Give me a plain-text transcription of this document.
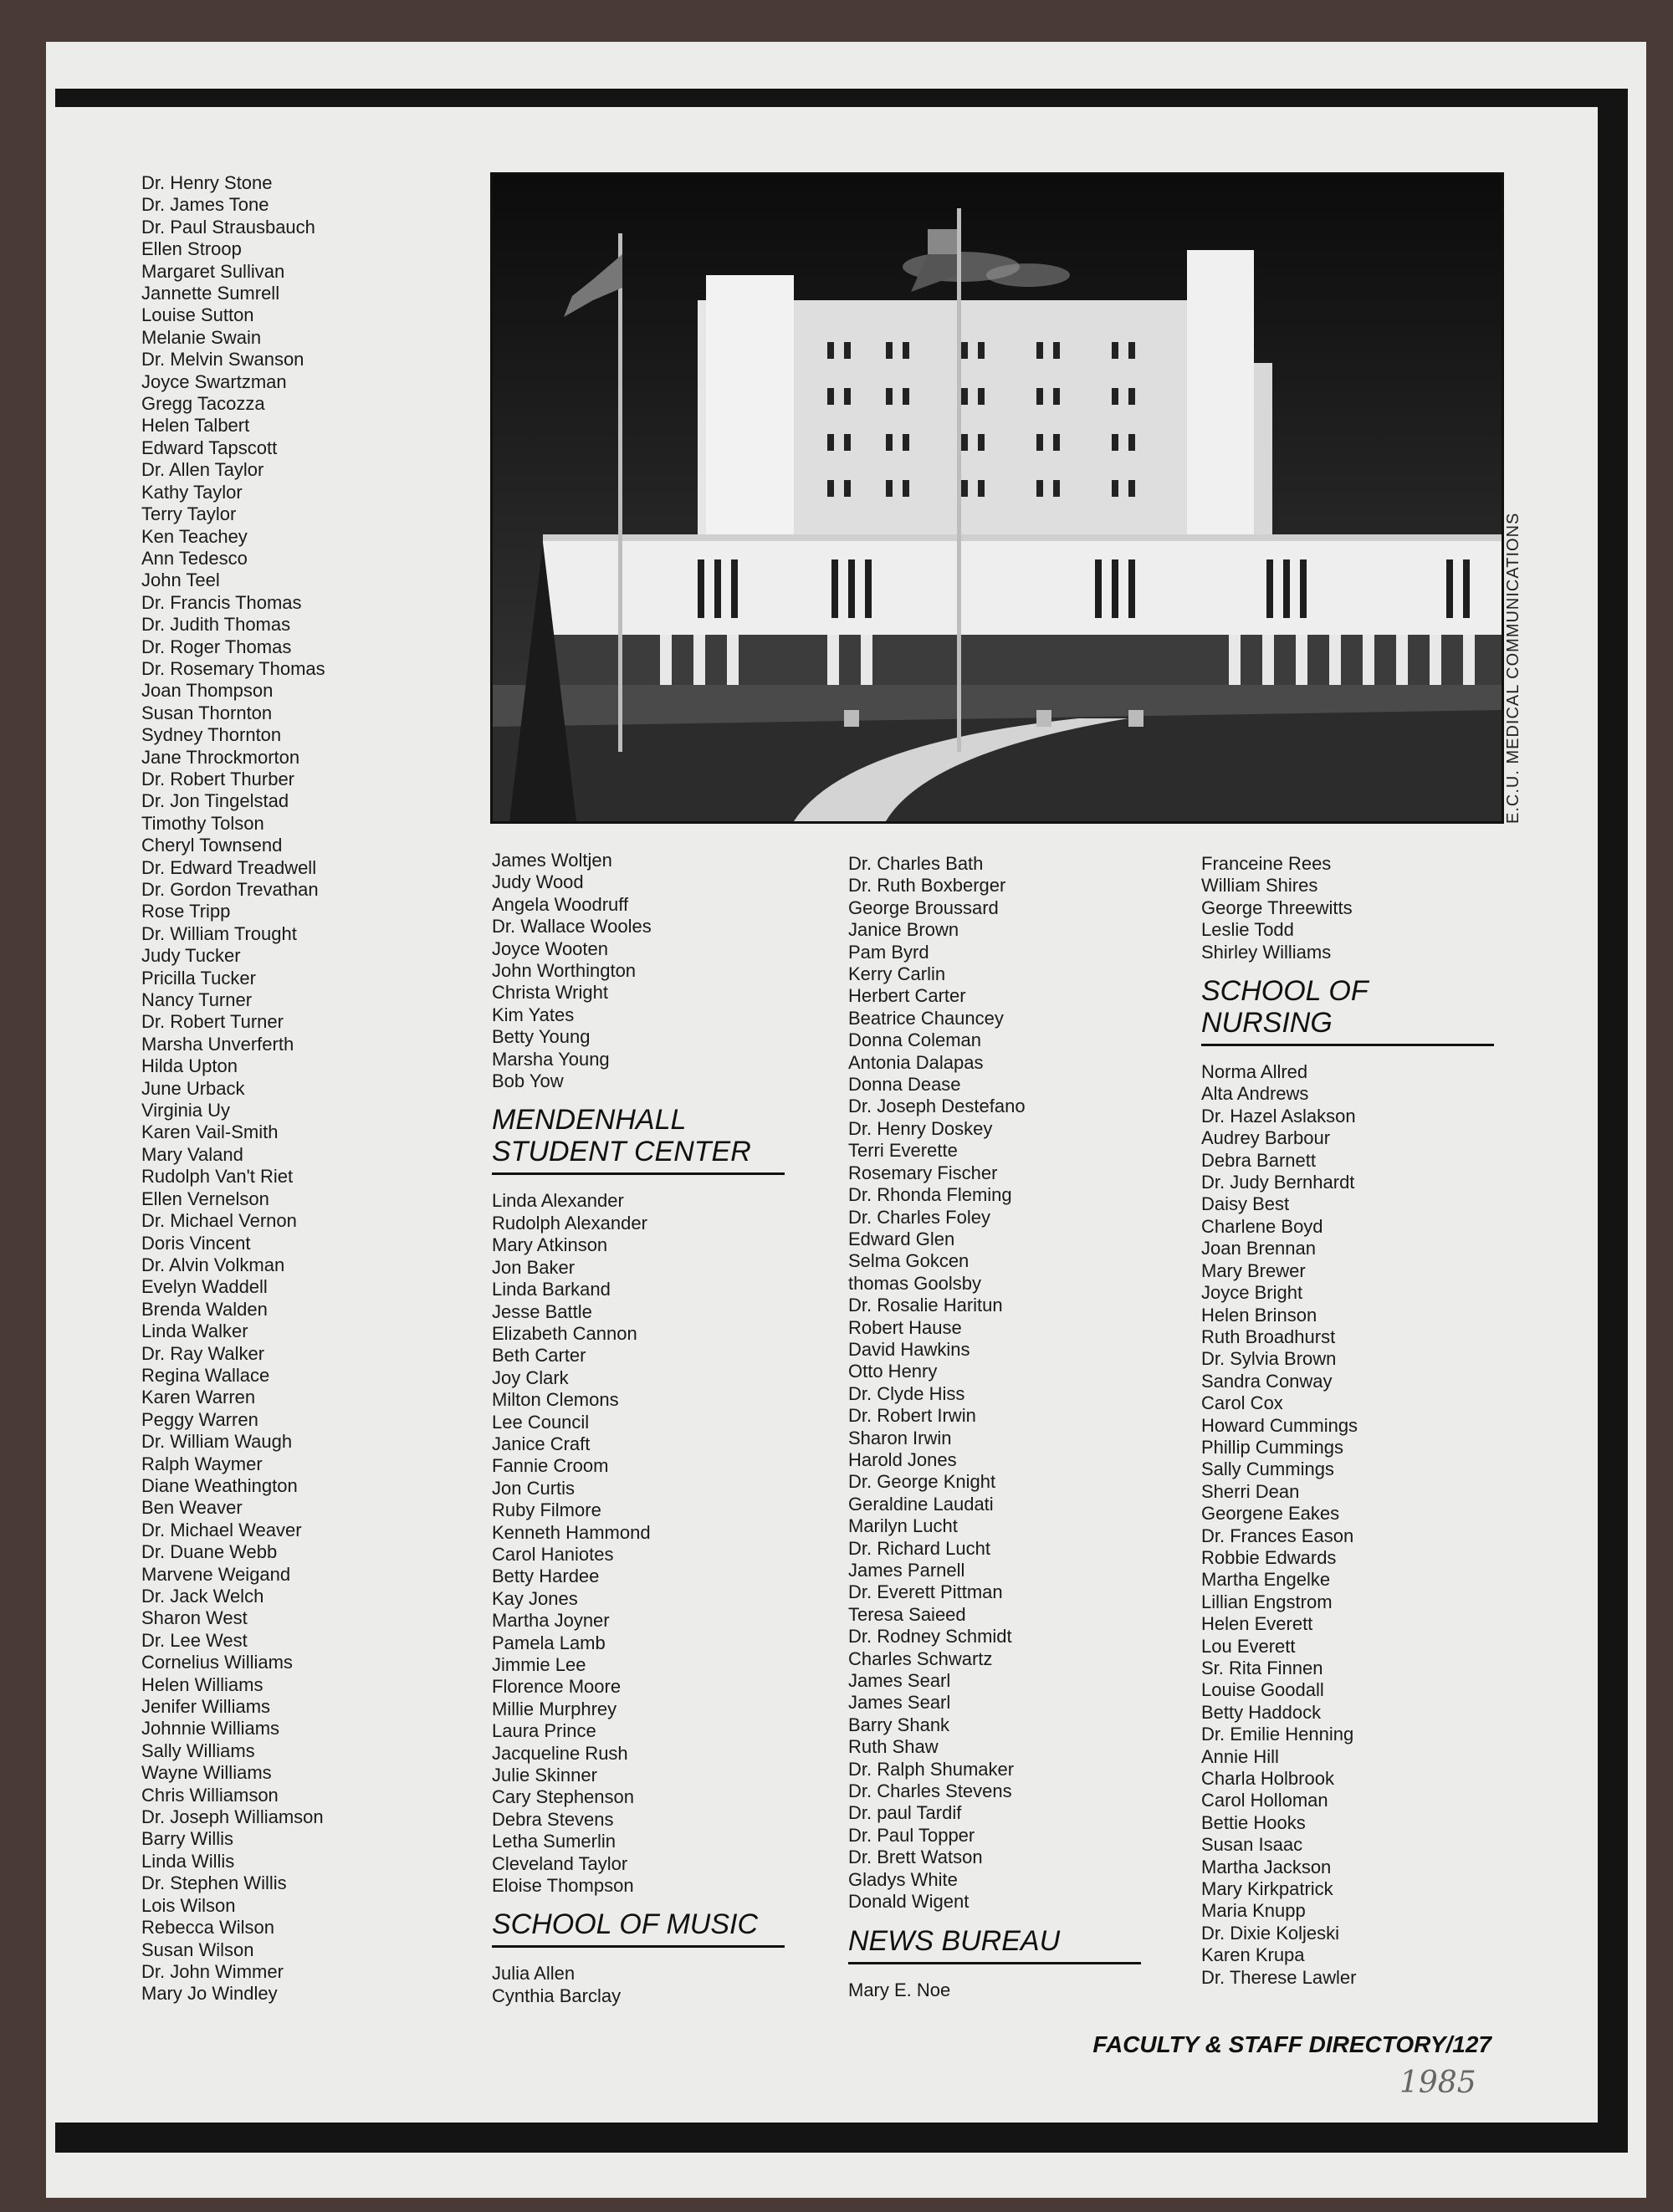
Dr. Henry Stone
Dr. James Tone
Dr. Paul Strausbauch
Ellen Stroop
Margaret Sullivan
Jannette Sumrell
Louise Sutton
Melanie Swain
Dr. Melvin Swanson
Joyce Swartzman
Gregg Tacozza
Helen Talbert
Edward Tapscott
Dr. Allen Taylor
Kathy Taylor
Terry Taylor
Ken Teachey
Ann Tedesco
John Teel
Dr. Francis Thomas
Dr. Judith Thomas
Dr. Roger Thomas
Dr. Rosemary Thomas
Joan Thompson
Susan Thornton
Sydney Thornton
Jane Throckmorton
Dr. Robert Thurber
Dr. Jon Tingelstad
Timothy Tolson
Cheryl Townsend
Dr. Edward Treadwell
Dr. Gordon Trevathan
Rose Tripp
Dr. William Trought
Judy Tucker
Pricilla Tucker
Nancy Turner
Dr. Robert Turner
Marsha Unverferth
Hilda Upton
June Urback
Virginia Uy
Karen Vail-Smith
Mary Valand
Rudolph Van't Riet
Ellen Vernelson
Dr. Michael Vernon
Doris Vincent
Dr. Alvin Volkman
Evelyn Waddell
Brenda Walden
Linda Walker
Dr. Ray Walker
Regina Wallace
Karen Warren
Peggy Warren
Dr. William Waugh
Ralph Waymer
Diane Weathington
Ben Weaver
Dr. Michael Weaver
Dr. Duane Webb
Marvene Weigand
Dr. Jack Welch
Sharon West
Dr. Lee West
Cornelius Williams
Helen Williams
Jenifer Williams
Johnnie Williams
Sally Williams
Wayne Williams
Chris Williamson
Dr. Joseph Williamson
Barry Willis
Linda Willis
Dr. Stephen Willis
Lois Wilson
Rebecca Wilson
Susan Wilson
Dr. John Wimmer
Mary Jo Windley
E.C.U. MEDICAL COMMUNICATIONS
James Woltjen
Judy Wood
Angela Woodruff
Dr. Wallace Wooles
Joyce Wooten
John Worthington
Christa Wright
Kim Yates
Betty Young
Marsha Young
Bob Yow
MENDENHALL
STUDENT CENTER
Linda Alexander
Rudolph Alexander
Mary Atkinson
Jon Baker
Linda Barkand
Jesse Battle
Elizabeth Cannon
Beth Carter
Joy Clark
Milton Clemons
Lee Council
Janice Craft
Fannie Croom
Jon Curtis
Ruby Filmore
Kenneth Hammond
Carol Haniotes
Betty Hardee
Kay Jones
Martha Joyner
Pamela Lamb
Jimmie Lee
Florence Moore
Millie Murphrey
Laura Prince
Jacqueline Rush
Julie Skinner
Cary Stephenson
Debra Stevens
Letha Sumerlin
Cleveland Taylor
Eloise Thompson
SCHOOL OF MUSIC
Julia Allen
Cynthia Barclay
Dr. Charles Bath
Dr. Ruth Boxberger
George Broussard
Janice Brown
Pam Byrd
Kerry Carlin
Herbert Carter
Beatrice Chauncey
Donna Coleman
Antonia Dalapas
Donna Dease
Dr. Joseph Destefano
Dr. Henry Doskey
Terri Everette
Rosemary Fischer
Dr. Rhonda Fleming
Dr. Charles Foley
Edward Glen
Selma Gokcen
thomas Goolsby
Dr. Rosalie Haritun
Robert Hause
David Hawkins
Otto Henry
Dr. Clyde Hiss
Dr. Robert Irwin
Sharon Irwin
Harold Jones
Dr. George Knight
Geraldine Laudati
Marilyn Lucht
Dr. Richard Lucht
James Parnell
Dr. Everett Pittman
Teresa Saieed
Dr. Rodney Schmidt
Charles Schwartz
James Searl
James Searl
Barry Shank
Ruth Shaw
Dr. Ralph Shumaker
Dr. Charles Stevens
Dr. paul Tardif
Dr. Paul Topper
Dr. Brett Watson
Gladys White
Donald Wigent
NEWS BUREAU
Mary E. Noe
Franceine Rees
William Shires
George Threewitts
Leslie Todd
Shirley Williams
SCHOOL OF
NURSING
Norma Allred
Alta Andrews
Dr. Hazel Aslakson
Audrey Barbour
Debra Barnett
Dr. Judy Bernhardt
Daisy Best
Charlene Boyd
Joan Brennan
Mary Brewer
Joyce Bright
Helen Brinson
Ruth Broadhurst
Dr. Sylvia Brown
Sandra Conway
Carol Cox
Howard Cummings
Phillip Cummings
Sally Cummings
Sherri Dean
Georgene Eakes
Dr. Frances Eason
Robbie Edwards
Martha Engelke
Lillian Engstrom
Helen Everett
Lou Everett
Sr. Rita Finnen
Louise Goodall
Betty Haddock
Dr. Emilie Henning
Annie Hill
Charla Holbrook
Carol Holloman
Bettie Hooks
Susan Isaac
Martha Jackson
Mary Kirkpatrick
Maria Knupp
Dr. Dixie Koljeski
Karen Krupa
Dr. Therese Lawler
FACULTY & STAFF DIRECTORY/127
1985
